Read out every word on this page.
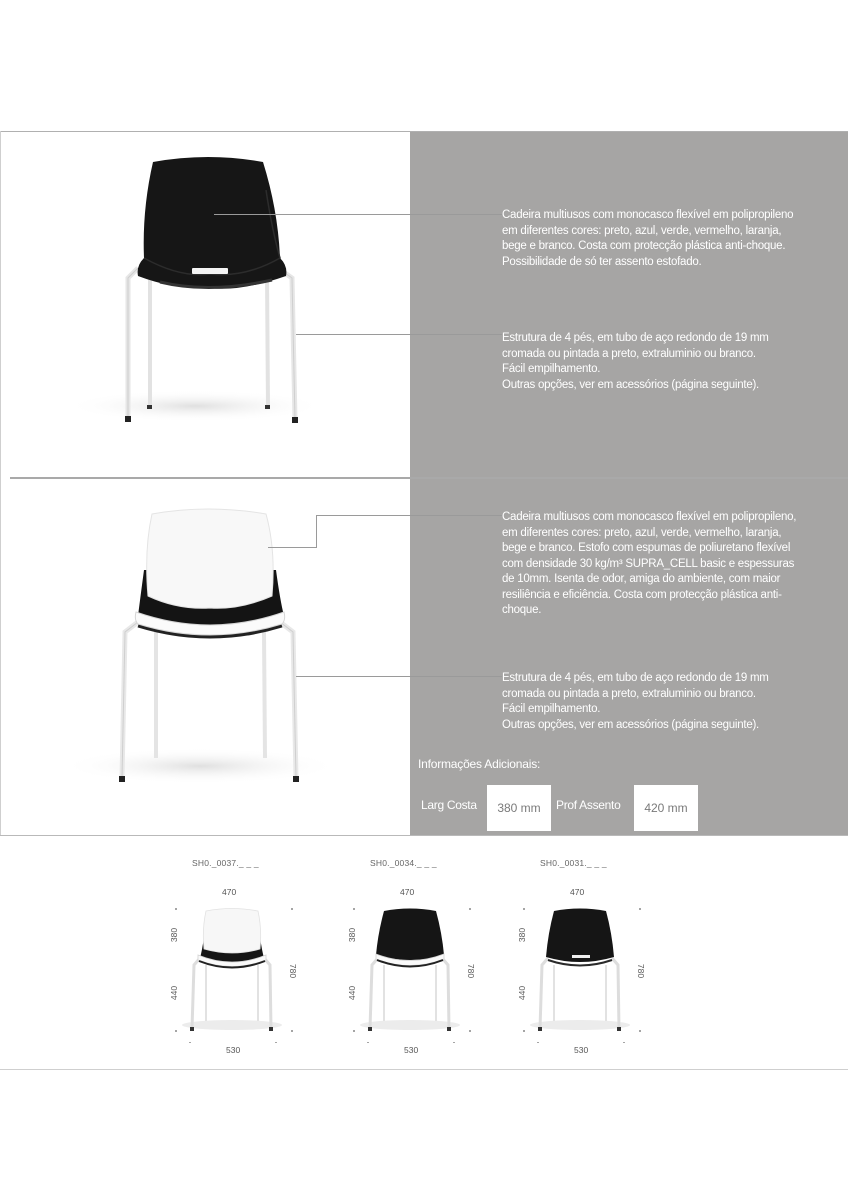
Cadeira multiusos com monocasco flexível em polipropileno
em diferentes cores: preto, azul, verde, vermelho, laranja,
bege e branco. Costa com protecção plástica anti-choque.
Possibilidade de só ter assento estofado.
Estrutura de 4 pés, em tubo de aço redondo de 19 mm
cromada ou pintada a preto, extraluminio ou branco.
Fácil empilhamento.
Outras opções, ver em acessórios (página seguinte).
Cadeira multiusos com monocasco flexível em polipropileno,
em diferentes cores: preto, azul, verde, vermelho, laranja,
bege e branco. Estofo com espumas de poliuretano flexível
com densidade 30 kg/m³ SUPRA_CELL basic e espessuras
de 10mm. Isenta de odor, amiga do ambiente, com maior
resiliência e eficiência. Costa com protecção plástica anti-
choque.
Estrutura de 4 pés, em tubo de aço redondo de 19 mm
cromada ou pintada a preto, extraluminio ou branco.
Fácil empilhamento.
Outras opções, ver em acessórios (página seguinte).
Informações Adicionais:
Larg Costa 380 mm Prof Assento 420 mm
SH0._0037._ _ _
470
380
440
780
530
SH0._0034._ _ _
470
380
440
780
530
SH0._0031._ _ _
470
380
440
780
530
